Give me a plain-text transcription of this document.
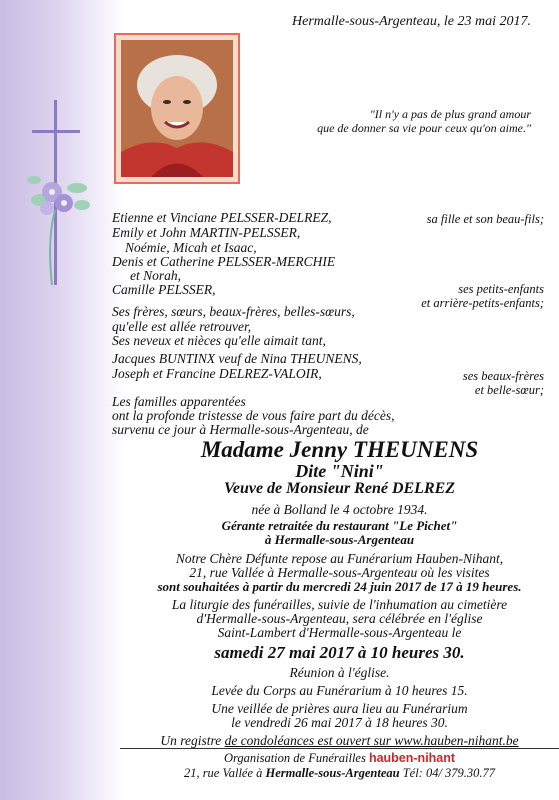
Hermalle-sous-Argenteau, le 23 mai 2017.
"Il n'y a pas de plus grand amour
que de donner sa vie pour ceux qu'on aime."
Etienne et Vinciane PELSSER-DELREZ,	sa fille et son beau-fils;
Emily et John MARTIN-PELSSER,
Noémie, Micah et Isaac,
Denis et Catherine PELSSER-MERCHIE
et Norah,
Camille PELSSER,	ses petits-enfants
et arrière-petits-enfants;
Ses frères, sœurs, beaux-frères, belles-sœurs,
qu'elle est allée retrouver,
Ses neveux et nièces qu'elle aimait tant,
Jacques BUNTINX veuf de Nina THEUNENS,
Joseph et Francine DELREZ-VALOIR,	ses beaux-frères
et belle-sœur;
Les familles apparentées
ont la profonde tristesse de vous faire part du décès,
survenu ce jour à Hermalle-sous-Argenteau, de
Madame Jenny THEUNENS
Dite "Nini"
Veuve de Monsieur René DELREZ
née à Bolland le 4 octobre 1934.
Gérante retraitée du restaurant "Le Pichet"
à Hermalle-sous-Argenteau
Notre Chère Défunte repose au Funérarium Hauben-Nihant,
21, rue Vallée à Hermalle-sous-Argenteau où les visites
sont souhaitées à partir du mercredi 24 juin 2017 de 17 à 19 heures.
La liturgie des funérailles, suivie de l'inhumation au cimetière
d'Hermalle-sous-Argenteau, sera célébrée en l'église
Saint-Lambert d'Hermalle-sous-Argenteau le
samedi 27 mai 2017 à 10 heures 30.
Réunion à l'église.
Levée du Corps au Funérarium à 10 heures 15.
Une veillée de prières aura lieu au Funérarium
le vendredi 26 mai 2017 à 18 heures 30.
Un registre de condoléances est ouvert sur www.hauben-nihant.be
Organisation de Funérailles hauben-nihant
21, rue Vallée à Hermalle-sous-Argenteau Tél: 04/ 379.30.77
